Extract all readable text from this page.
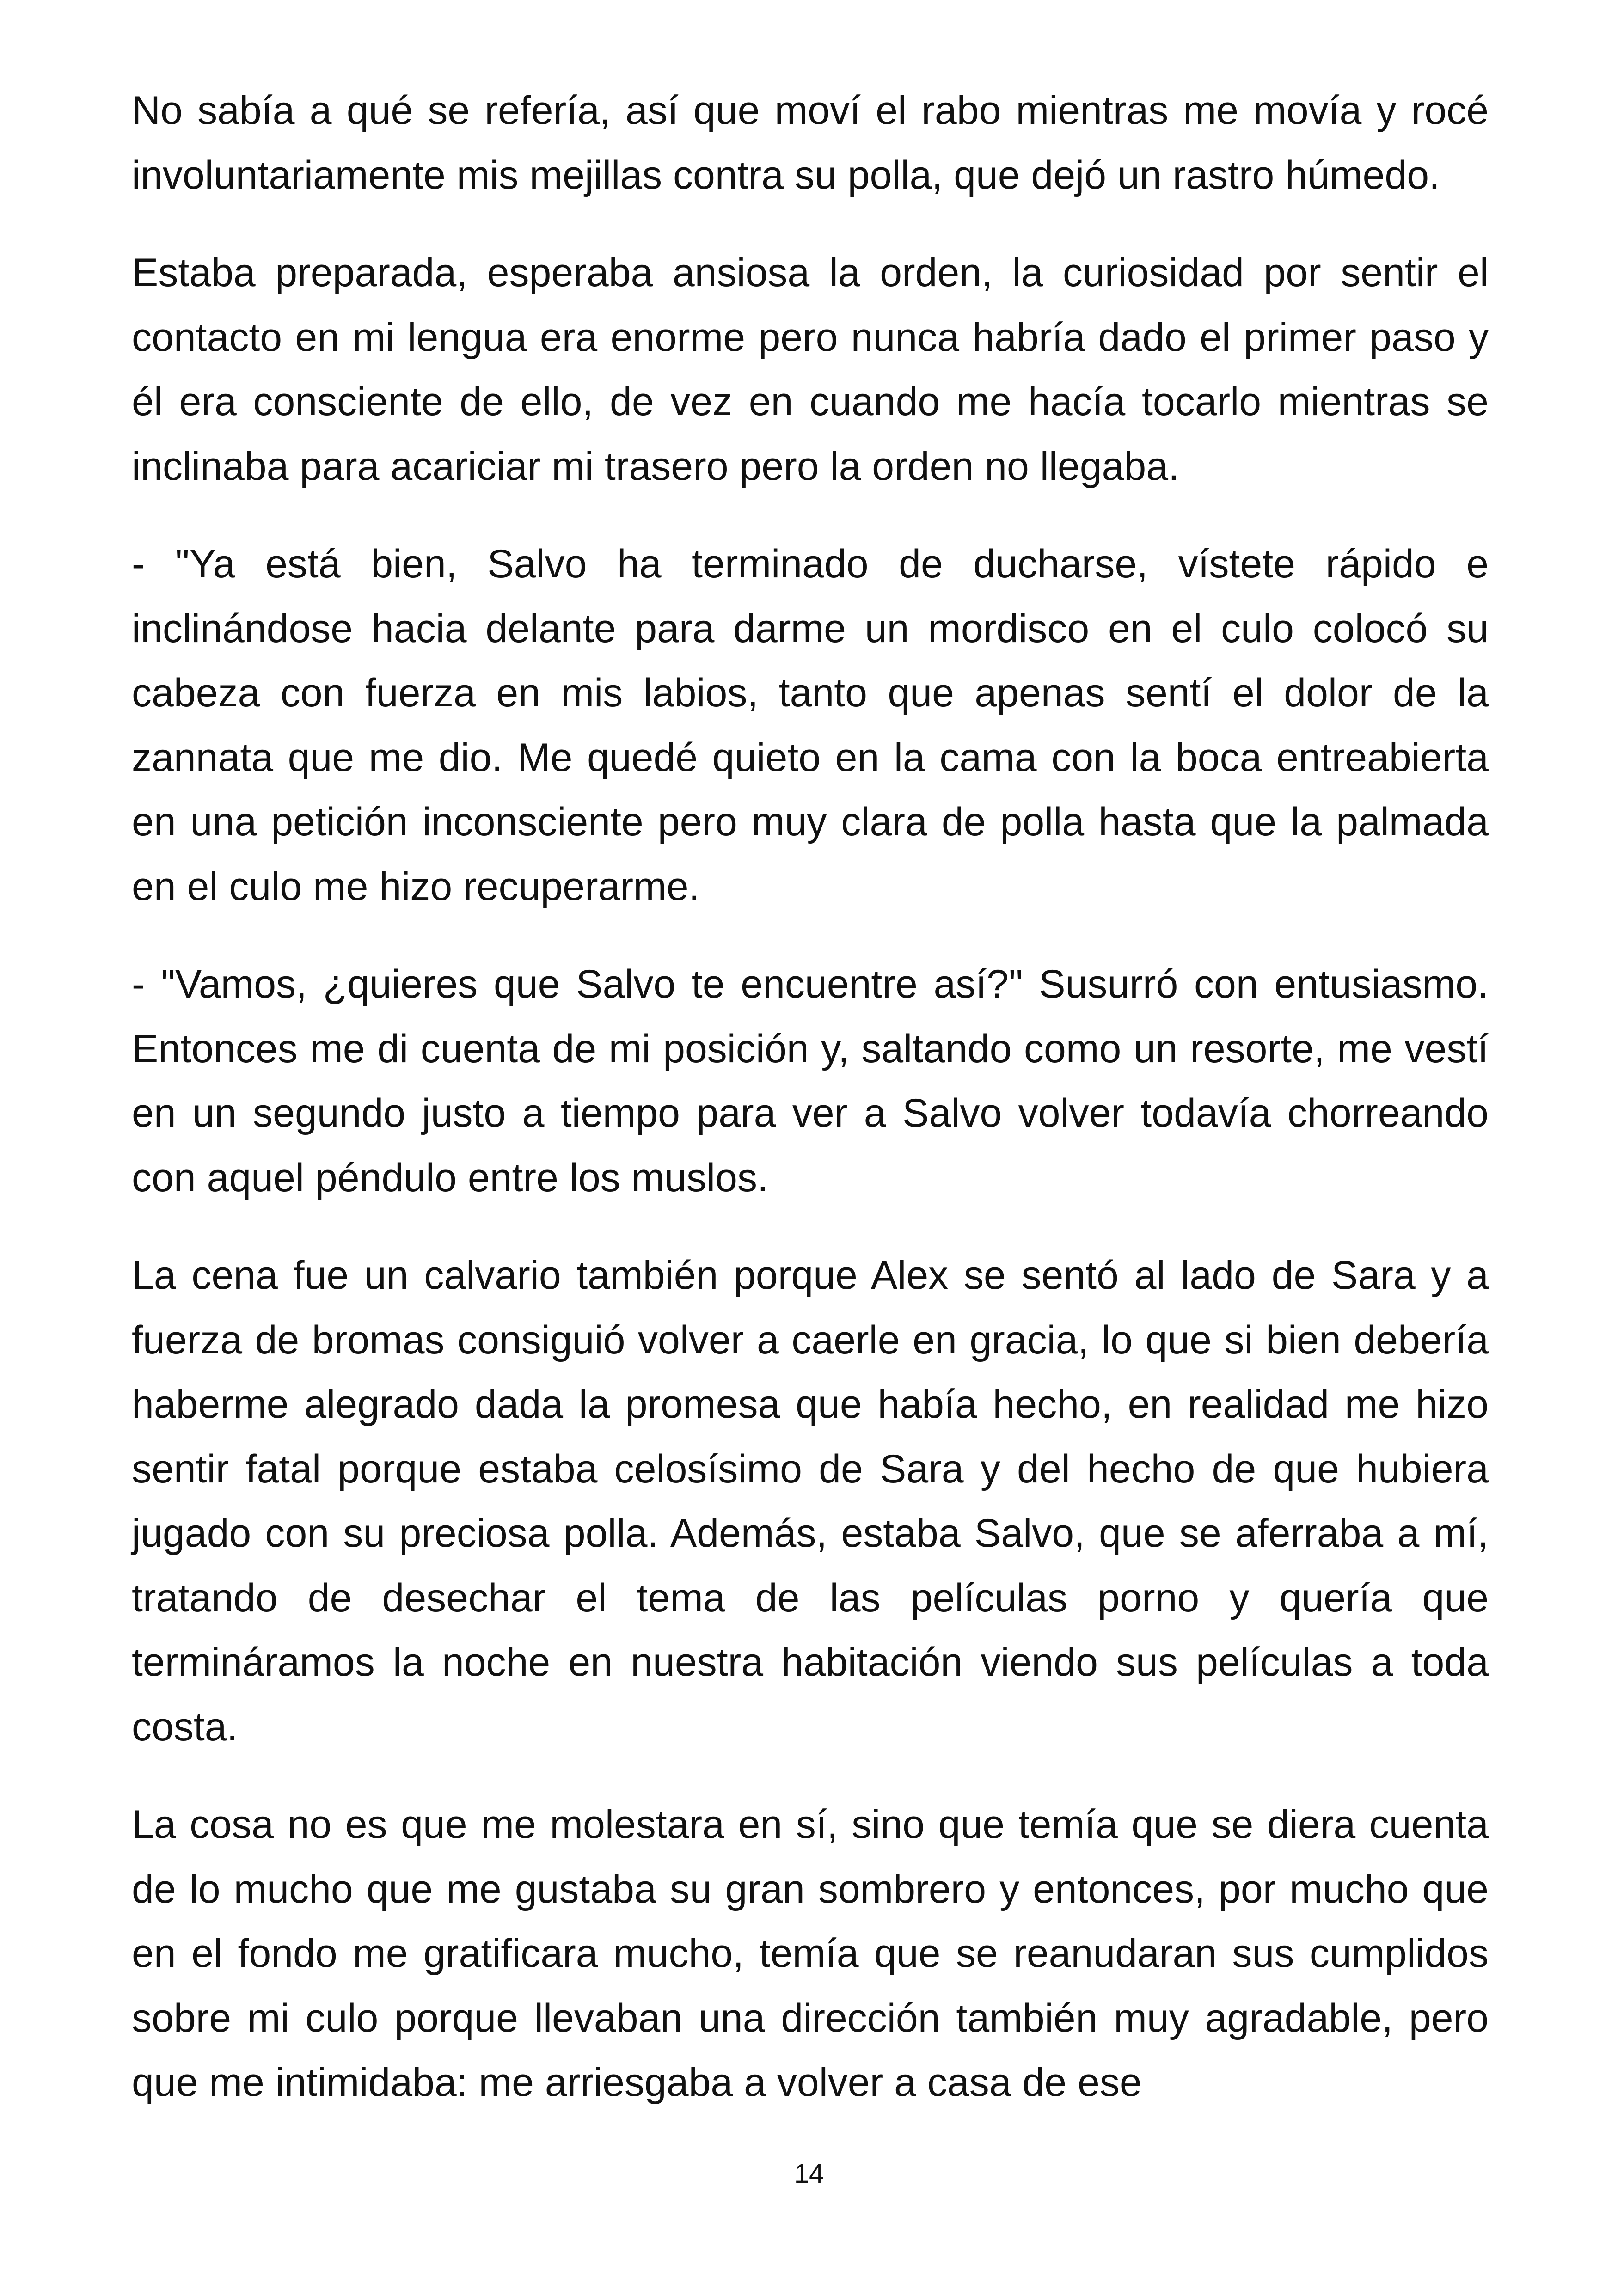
No sabía a qué se refería, así que moví el rabo mientras me movía y rocé involuntariamente mis mejillas contra su polla, que dejó un rastro húmedo.

Estaba preparada, esperaba ansiosa la orden, la curiosidad por sentir el contacto en mi lengua era enorme pero nunca habría dado el primer paso y él era consciente de ello, de vez en cuando me hacía tocarlo mientras se inclinaba para acariciar mi trasero pero la orden no llegaba.

- "Ya está bien, Salvo ha terminado de ducharse, vístete rápido e inclinándose hacia delante para darme un mordisco en el culo colocó su cabeza con fuerza en mis labios, tanto que apenas sentí el dolor de la zannata que me dio. Me quedé quieto en la cama con la boca entreabierta en una petición inconsciente pero muy clara de polla hasta que la palmada en el culo me hizo recuperarme.

- "Vamos, ¿quieres que Salvo te encuentre así?" Susurró con entusiasmo. Entonces me di cuenta de mi posición y, saltando como un resorte, me vestí en un segundo justo a tiempo para ver a Salvo volver todavía chorreando con aquel péndulo entre los muslos.

La cena fue un calvario también porque Alex se sentó al lado de Sara y a fuerza de bromas consiguió volver a caerle en gracia, lo que si bien debería haberme alegrado dada la promesa que había hecho, en realidad me hizo sentir fatal porque estaba celosísimo de Sara y del hecho de que hubiera jugado con su preciosa polla. Además, estaba Salvo, que se aferraba a mí, tratando de desechar el tema de las películas porno y quería que termináramos la noche en nuestra habitación viendo sus películas a toda costa.

La cosa no es que me molestara en sí, sino que temía que se diera cuenta de lo mucho que me gustaba su gran sombrero y entonces, por mucho que en el fondo me gratificara mucho, temía que se reanudaran sus cumplidos sobre mi culo porque llevaban una dirección también muy agradable, pero que me intimidaba: me arriesgaba a volver a casa de ese

14
